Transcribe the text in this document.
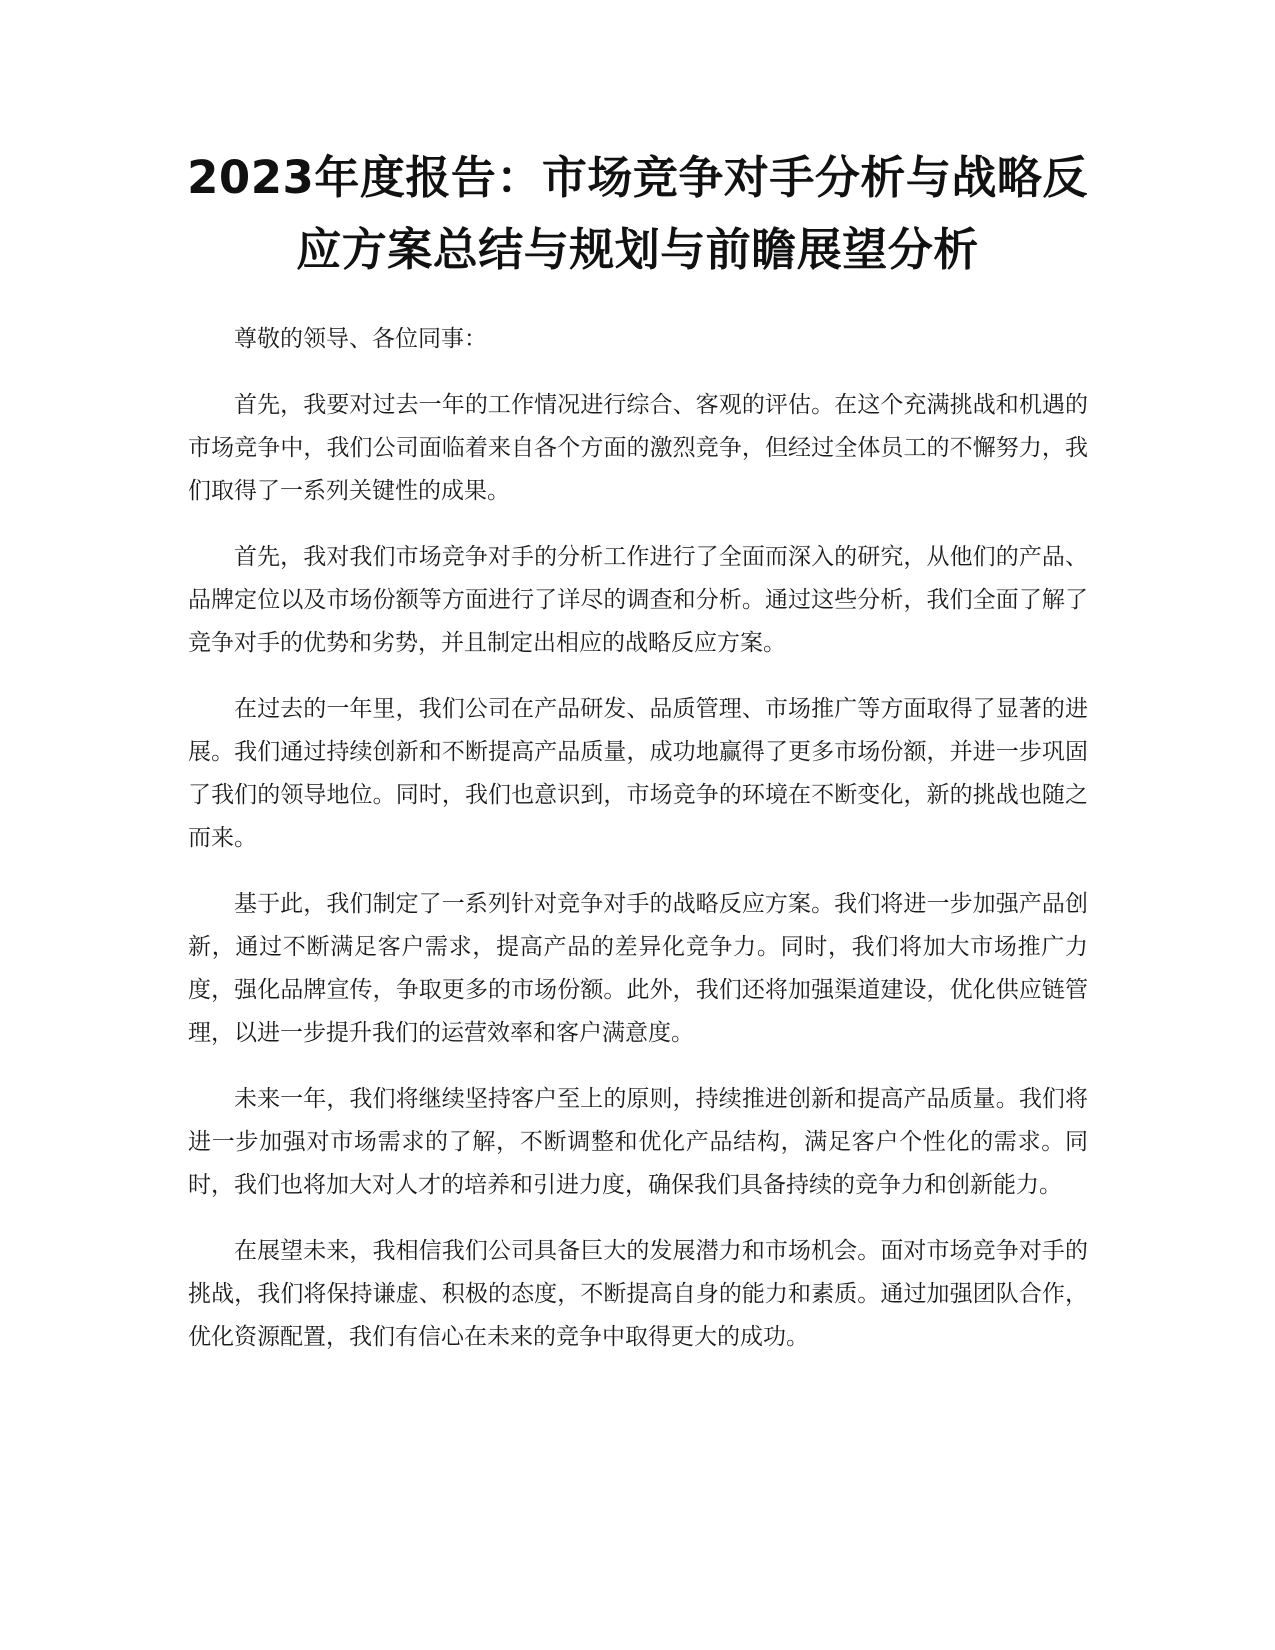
2023年度报告：市场竞争对手分析与战略反
应方案总结与规划与前瞻展望分析

尊敬的领导、各位同事：

首先，我要对过去一年的工作情况进行综合、客观的评估。在这个充满挑战和机遇的市场竞争中，我们公司面临着来自各个方面的激烈竞争，但经过全体员工的不懈努力，我们取得了一系列关键性的成果。

首先，我对我们市场竞争对手的分析工作进行了全面而深入的研究，从他们的产品、品牌定位以及市场份额等方面进行了详尽的调查和分析。通过这些分析，我们全面了解了竞争对手的优势和劣势，并且制定出相应的战略反应方案。

在过去的一年里，我们公司在产品研发、品质管理、市场推广等方面取得了显著的进展。我们通过持续创新和不断提高产品质量，成功地赢得了更多市场份额，并进一步巩固了我们的领导地位。同时，我们也意识到，市场竞争的环境在不断变化，新的挑战也随之而来。

基于此，我们制定了一系列针对竞争对手的战略反应方案。我们将进一步加强产品创新，通过不断满足客户需求，提高产品的差异化竞争力。同时，我们将加大市场推广力度，强化品牌宣传，争取更多的市场份额。此外，我们还将加强渠道建设，优化供应链管理，以进一步提升我们的运营效率和客户满意度。

未来一年，我们将继续坚持客户至上的原则，持续推进创新和提高产品质量。我们将进一步加强对市场需求的了解，不断调整和优化产品结构，满足客户个性化的需求。同时，我们也将加大对人才的培养和引进力度，确保我们具备持续的竞争力和创新能力。

在展望未来，我相信我们公司具备巨大的发展潜力和市场机会。面对市场竞争对手的挑战，我们将保持谦虚、积极的态度，不断提高自身的能力和素质。通过加强团队合作，优化资源配置，我们有信心在未来的竞争中取得更大的成功。
